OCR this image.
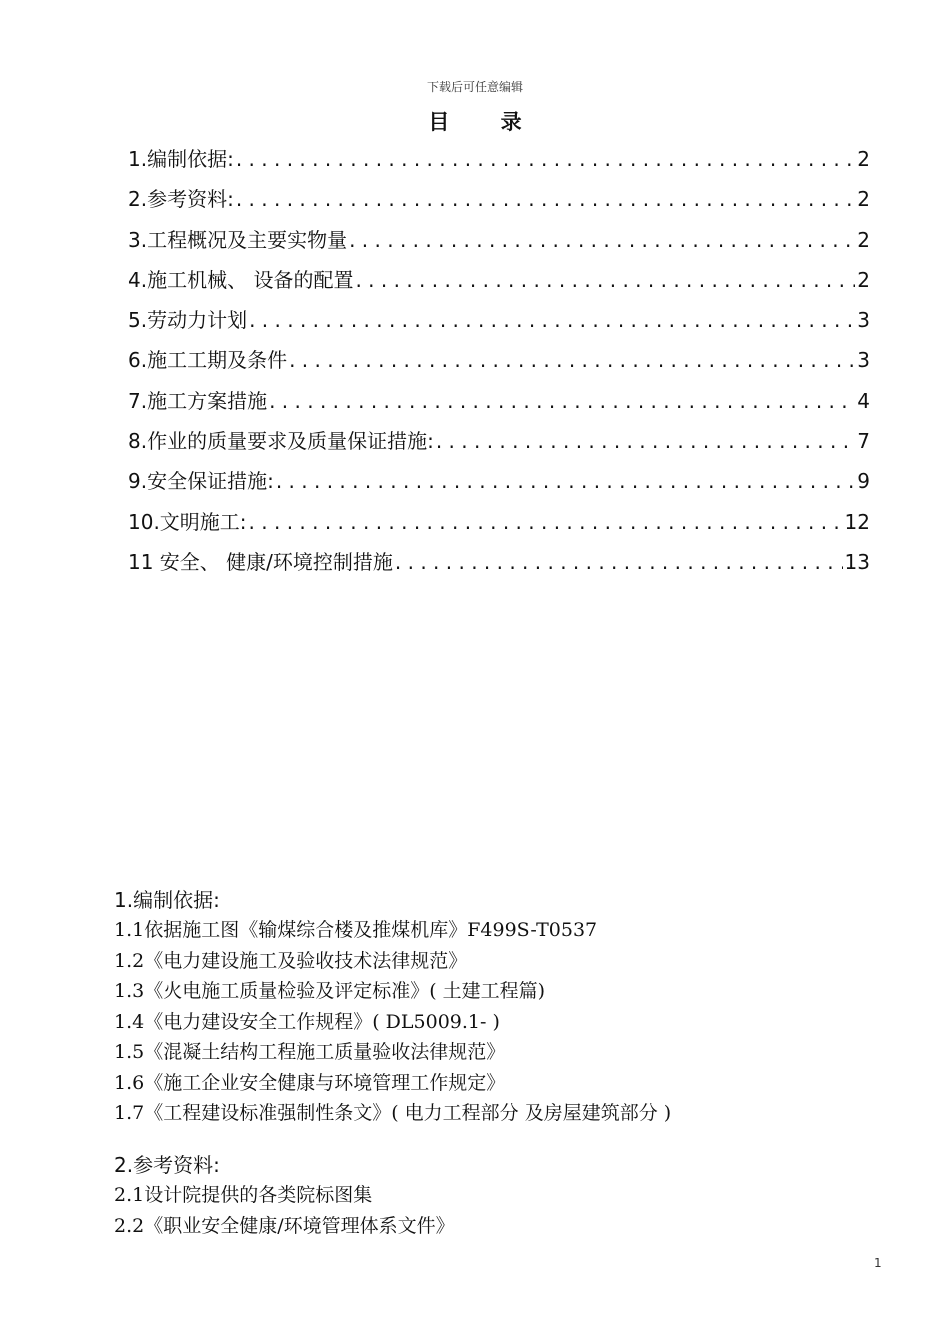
下载后可任意编辑
目 录
1.编制依据: . . .	2
2.参考资料: . . .	2
3.工程概况及主要实物量 . . .	2
4.施工机械、 设备的配置 . . .	2
5.劳动力计划 . . .	3
6.施工工期及条件 . . .	3
7.施工方案措施 . . .	4
8.作业的质量要求及质量保证措施: . . .	7
9.安全保证措施: . . .	9
10.文明施工: . . .	12
11 安全、 健康/环境控制措施 . . .	13
1.编制依据:
1.1依据施工图《输煤综合楼及推煤机库》F499S-T0537
1.2《电力建设施工及验收技术法律规范》
1.3《火电施工质量检验及评定标准》( 土建工程篇)
1.4《电力建设安全工作规程》( DL5009.1- )
1.5《混凝土结构工程施工质量验收法律规范》
1.6《施工企业安全健康与环境管理工作规定》
1.7《工程建设标准强制性条文》( 电力工程部分 及房屋建筑部分 )
2.参考资料:
2.1设计院提供的各类院标图集
2.2《职业安全健康/环境管理体系文件》
1
